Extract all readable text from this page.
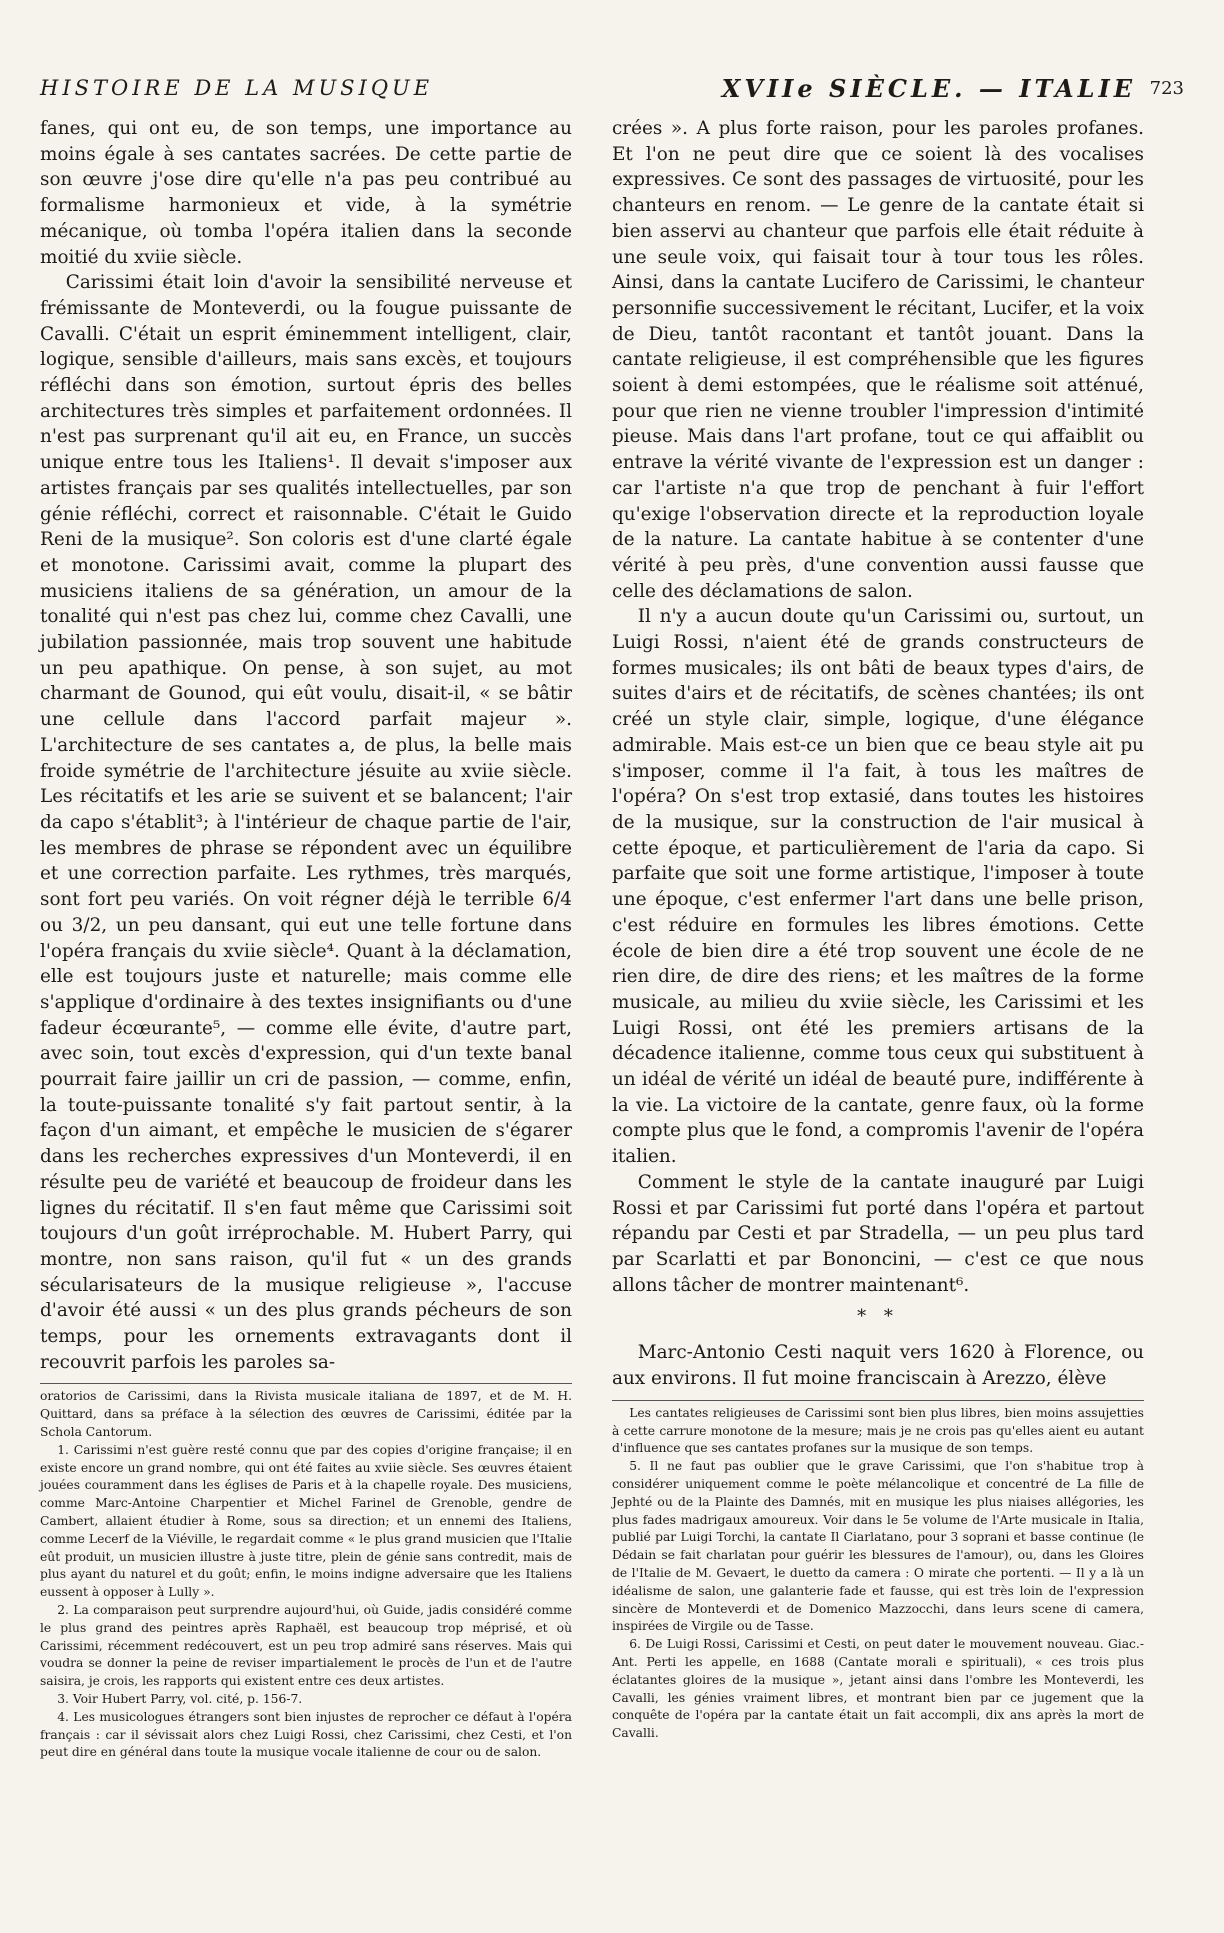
HISTOIRE DE LA MUSIQUE	XVIIe SIÈCLE. — ITALIE 723

fanes, qui ont eu, de son temps, une importance au moins égale à ses cantates sacrées. De cette partie de son œuvre j'ose dire qu'elle n'a pas peu contribué au formalisme harmonieux et vide, à la symétrie mécanique, où tomba l'opéra italien dans la seconde moitié du xviie siècle.

Carissimi était loin d'avoir la sensibilité nerveuse et frémissante de Monteverdi, ou la fougue puissante de Cavalli. C'était un esprit éminemment intelligent, clair, logique, sensible d'ailleurs, mais sans excès, et toujours réfléchi dans son émotion, surtout épris des belles architectures très simples et parfaitement ordonnées. Il n'est pas surprenant qu'il ait eu, en France, un succès unique entre tous les Italiens¹. Il devait s'imposer aux artistes français par ses qualités intellectuelles, par son génie réfléchi, correct et raisonnable. C'était le Guido Reni de la musique². Son coloris est d'une clarté égale et monotone. Carissimi avait, comme la plupart des musiciens italiens de sa génération, un amour de la tonalité qui n'est pas chez lui, comme chez Cavalli, une jubilation passionnée, mais trop souvent une habitude un peu apathique. On pense, à son sujet, au mot charmant de Gounod, qui eût voulu, disait-il, « se bâtir une cellule dans l'accord parfait majeur ». L'architecture de ses cantates a, de plus, la belle mais froide symétrie de l'architecture jésuite au xviie siècle. Les récitatifs et les arie se suivent et se balancent; l'air da capo s'établit³; à l'intérieur de chaque partie de l'air, les membres de phrase se répondent avec un équilibre et une correction parfaite. Les rythmes, très marqués, sont fort peu variés. On voit régner déjà le terrible 6/4 ou 3/2, un peu dansant, qui eut une telle fortune dans l'opéra français du xviie siècle⁴. Quant à la déclamation, elle est toujours juste et naturelle; mais comme elle s'applique d'ordinaire à des textes insignifiants ou d'une fadeur écœurante⁵, — comme elle évite, d'autre part, avec soin, tout excès d'expression, qui d'un texte banal pourrait faire jaillir un cri de passion, — comme, enfin, la toute-puissante tonalité s'y fait partout sentir, à la façon d'un aimant, et empêche le musicien de s'égarer dans les recherches expressives d'un Monteverdi, il en résulte peu de variété et beaucoup de froideur dans les lignes du récitatif. Il s'en faut même que Carissimi soit toujours d'un goût irréprochable. M. Hubert Parry, qui montre, non sans raison, qu'il fut « un des grands sécularisateurs de la musique religieuse », l'accuse d'avoir été aussi « un des plus grands pécheurs de son temps, pour les ornements extravagants dont il recouvrit parfois les paroles sa-

oratorios de Carissimi, dans la Rivista musicale italiana de 1897, et de M. H. Quittard, dans sa préface à la sélection des œuvres de Carissimi, éditée par la Schola Cantorum.

1. Carissimi n'est guère resté connu que par des copies d'origine française; il en existe encore un grand nombre, qui ont été faites au xviie siècle. Ses œuvres étaient jouées couramment dans les églises de Paris et à la chapelle royale. Des musiciens, comme Marc-Antoine Charpentier et Michel Farinel de Grenoble, gendre de Cambert, allaient étudier à Rome, sous sa direction; et un ennemi des Italiens, comme Lecerf de la Viéville, le regardait comme « le plus grand musicien que l'Italie eût produit, un musicien illustre à juste titre, plein de génie sans contredit, mais de plus ayant du naturel et du goût; enfin, le moins indigne adversaire que les Italiens eussent à opposer à Lully ».

2. La comparaison peut surprendre aujourd'hui, où Guide, jadis considéré comme le plus grand des peintres après Raphaël, est beaucoup trop méprisé, et où Carissimi, récemment redécouvert, est un peu trop admiré sans réserves. Mais qui voudra se donner la peine de reviser impartialement le procès de l'un et de l'autre saisira, je crois, les rapports qui existent entre ces deux artistes.

3. Voir Hubert Parry, vol. cité, p. 156-7.

4. Les musicologues étrangers sont bien injustes de reprocher ce défaut à l'opéra français : car il sévissait alors chez Luigi Rossi, chez Carissimi, chez Cesti, et l'on peut dire en général dans toute la musique vocale italienne de cour ou de salon.

crées ». A plus forte raison, pour les paroles profanes. Et l'on ne peut dire que ce soient là des vocalises expressives. Ce sont des passages de virtuosité, pour les chanteurs en renom. — Le genre de la cantate était si bien asservi au chanteur que parfois elle était réduite à une seule voix, qui faisait tour à tour tous les rôles. Ainsi, dans la cantate Lucifero de Carissimi, le chanteur personnifie successivement le récitant, Lucifer, et la voix de Dieu, tantôt racontant et tantôt jouant. Dans la cantate religieuse, il est compréhensible que les figures soient à demi estompées, que le réalisme soit atténué, pour que rien ne vienne troubler l'impression d'intimité pieuse. Mais dans l'art profane, tout ce qui affaiblit ou entrave la vérité vivante de l'expression est un danger : car l'artiste n'a que trop de penchant à fuir l'effort qu'exige l'observation directe et la reproduction loyale de la nature. La cantate habitue à se contenter d'une vérité à peu près, d'une convention aussi fausse que celle des déclamations de salon.

Il n'y a aucun doute qu'un Carissimi ou, surtout, un Luigi Rossi, n'aient été de grands constructeurs de formes musicales; ils ont bâti de beaux types d'airs, de suites d'airs et de récitatifs, de scènes chantées; ils ont créé un style clair, simple, logique, d'une élégance admirable. Mais est-ce un bien que ce beau style ait pu s'imposer, comme il l'a fait, à tous les maîtres de l'opéra? On s'est trop extasié, dans toutes les histoires de la musique, sur la construction de l'air musical à cette époque, et particulièrement de l'aria da capo. Si parfaite que soit une forme artistique, l'imposer à toute une époque, c'est enfermer l'art dans une belle prison, c'est réduire en formules les libres émotions. Cette école de bien dire a été trop souvent une école de ne rien dire, de dire des riens; et les maîtres de la forme musicale, au milieu du xviie siècle, les Carissimi et les Luigi Rossi, ont été les premiers artisans de la décadence italienne, comme tous ceux qui substituent à un idéal de vérité un idéal de beauté pure, indifférente à la vie. La victoire de la cantate, genre faux, où la forme compte plus que le fond, a compromis l'avenir de l'opéra italien.

Comment le style de la cantate inauguré par Luigi Rossi et par Carissimi fut porté dans l'opéra et partout répandu par Cesti et par Stradella, — un peu plus tard par Scarlatti et par Bononcini, — c'est ce que nous allons tâcher de montrer maintenant⁶.

* *

Marc-Antonio Cesti naquit vers 1620 à Florence, ou aux environs. Il fut moine franciscain à Arezzo, élève

Les cantates religieuses de Carissimi sont bien plus libres, bien moins assujetties à cette carrure monotone de la mesure; mais je ne crois pas qu'elles aient eu autant d'influence que ses cantates profanes sur la musique de son temps.

5. Il ne faut pas oublier que le grave Carissimi, que l'on s'habitue trop à considérer uniquement comme le poète mélancolique et concentré de La fille de Jephté ou de la Plainte des Damnés, mit en musique les plus niaises allégories, les plus fades madrigaux amoureux. Voir dans le 5e volume de l'Arte musicale in Italia, publié par Luigi Torchi, la cantate Il Ciarlatano, pour 3 soprani et basse continue (le Dédain se fait charlatan pour guérir les blessures de l'amour), ou, dans les Gloires de l'Italie de M. Gevaert, le duetto da camera : O mirate che portenti. — Il y a là un idéalisme de salon, une galanterie fade et fausse, qui est très loin de l'expression sincère de Monteverdi et de Domenico Mazzocchi, dans leurs scene di camera, inspirées de Virgile ou de Tasse.

6. De Luigi Rossi, Carissimi et Cesti, on peut dater le mouvement nouveau. Giac.-Ant. Perti les appelle, en 1688 (Cantate morali e spirituali), « ces trois plus éclatantes gloires de la musique », jetant ainsi dans l'ombre les Monteverdi, les Cavalli, les génies vraiment libres, et montrant bien par ce jugement que la conquête de l'opéra par la cantate était un fait accompli, dix ans après la mort de Cavalli.
